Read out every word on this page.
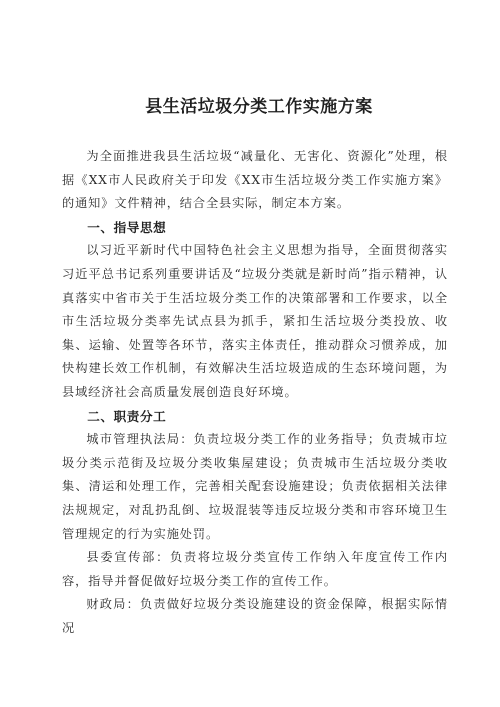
县生活垃圾分类工作实施方案

为全面推进我县生活垃圾“减量化、无害化、资源化”处理，根据《XX市人民政府关于印发《XX市生活垃圾分类工作实施方案》的通知》文件精神，结合全县实际，制定本方案。

一、指导思想

以习近平新时代中国特色社会主义思想为指导，全面贯彻落实习近平总书记系列重要讲话及“垃圾分类就是新时尚”指示精神，认真落实中省市关于生活垃圾分类工作的决策部署和工作要求，以全市生活垃圾分类率先试点县为抓手，紧扣生活垃圾分类投放、收集、运输、处置等各环节，落实主体责任，推动群众习惯养成，加快构建长效工作机制，有效解决生活垃圾造成的生态环境问题，为县域经济社会高质量发展创造良好环境。

二、职责分工

城市管理执法局：负责垃圾分类工作的业务指导；负责城市垃圾分类示范街及垃圾分类收集屋建设；负责城市生活垃圾分类收集、清运和处理工作，完善相关配套设施建设；负责依据相关法律法规规定，对乱扔乱倒、垃圾混装等违反垃圾分类和市容环境卫生管理规定的行为实施处罚。

县委宣传部：负责将垃圾分类宣传工作纳入年度宣传工作内容，指导并督促做好垃圾分类工作的宣传工作。

财政局：负责做好垃圾分类设施建设的资金保障，根据实际情况
